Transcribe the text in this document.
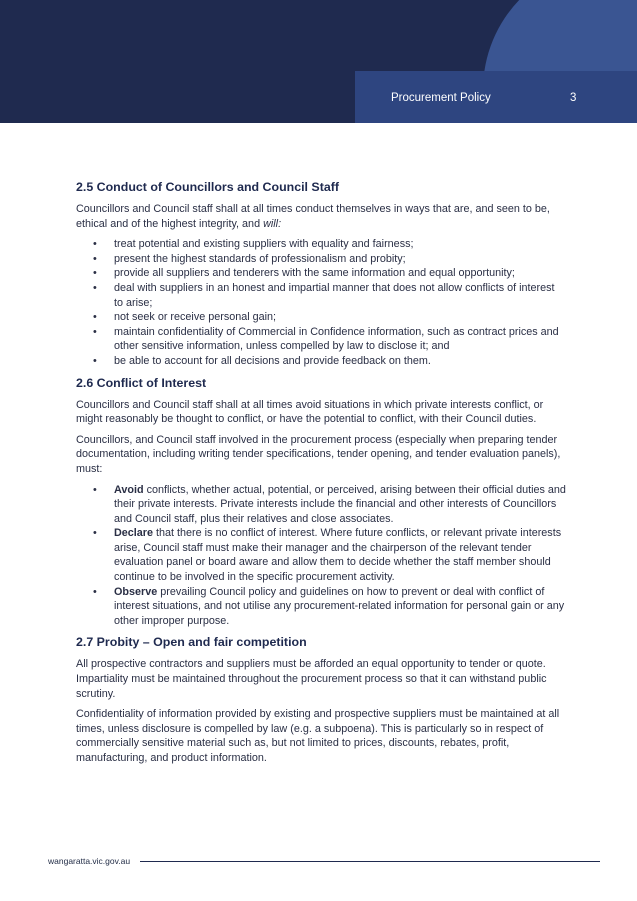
Procurement Policy	3
2.5 Conduct of Councillors and Council Staff

Councillors and Council staff shall at all times conduct themselves in ways that are, and seen to be, ethical and of the highest integrity, and will:

• treat potential and existing suppliers with equality and fairness;
• present the highest standards of professionalism and probity;
• provide all suppliers and tenderers with the same information and equal opportunity;
• deal with suppliers in an honest and impartial manner that does not allow conflicts of interest to arise;
• not seek or receive personal gain;
• maintain confidentiality of Commercial in Confidence information, such as contract prices and other sensitive information, unless compelled by law to disclose it; and
• be able to account for all decisions and provide feedback on them.
2.6 Conflict of Interest

Councillors and Council staff shall at all times avoid situations in which private interests conflict, or might reasonably be thought to conflict, or have the potential to conflict, with their Council duties.

Councillors, and Council staff involved in the procurement process (especially when preparing tender documentation, including writing tender specifications, tender opening, and tender evaluation panels), must:

• Avoid conflicts, whether actual, potential, or perceived, arising between their official duties and their private interests. Private interests include the financial and other interests of Councillors and Council staff, plus their relatives and close associates.
• Declare that there is no conflict of interest. Where future conflicts, or relevant private interests arise, Council staff must make their manager and the chairperson of the relevant tender evaluation panel or board aware and allow them to decide whether the staff member should continue to be involved in the specific procurement activity.
• Observe prevailing Council policy and guidelines on how to prevent or deal with conflict of interest situations, and not utilise any procurement-related information for personal gain or any other improper purpose.
2.7 Probity – Open and fair competition

All prospective contractors and suppliers must be afforded an equal opportunity to tender or quote. Impartiality must be maintained throughout the procurement process so that it can withstand public scrutiny.

Confidentiality of information provided by existing and prospective suppliers must be maintained at all times, unless disclosure is compelled by law (e.g. a subpoena). This is particularly so in respect of commercially sensitive material such as, but not limited to prices, discounts, rebates, profit, manufacturing, and product information.

wangaratta.vic.gov.au
